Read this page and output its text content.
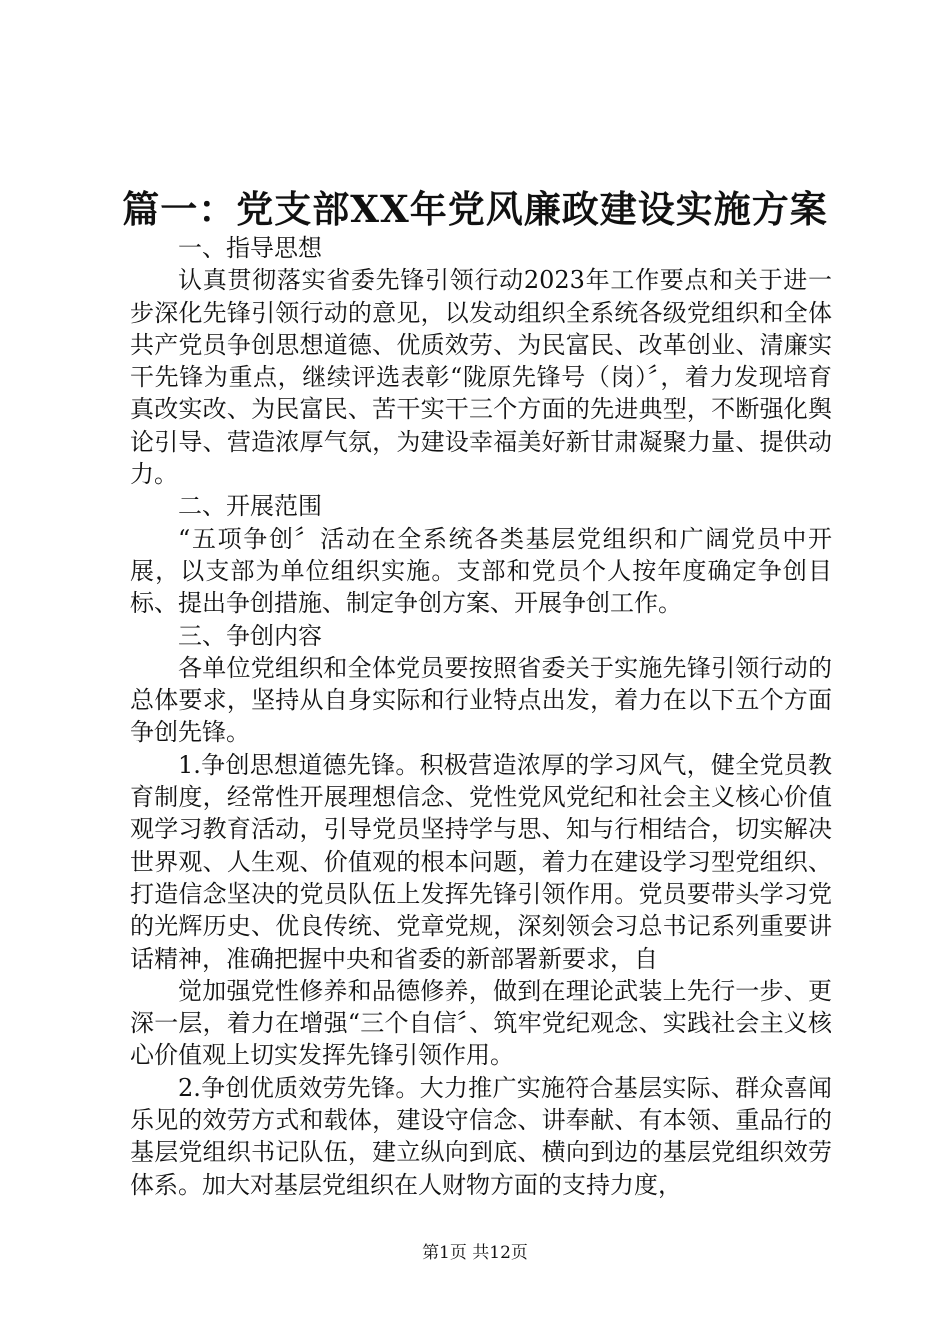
篇一：党支部XX年党风廉政建设实施方案

一、指导思想

认真贯彻落实省委先锋引领行动2023年工作要点和关于进一步深化先锋引领行动的意见，以发动组织全系统各级党组织和全体共产党员争创思想道德、优质效劳、为民富民、改革创业、清廉实干先锋为重点，继续评选表彰“陇原先锋号（岗）〞，着力发现培育真改实改、为民富民、苦干实干三个方面的先进典型，不断强化舆论引导、营造浓厚气氛，为建设幸福美好新甘肃凝聚力量、提供动力。

二、开展范围

“五项争创〞活动在全系统各类基层党组织和广阔党员中开展，以支部为单位组织实施。支部和党员个人按年度确定争创目标、提出争创措施、制定争创方案、开展争创工作。

三、争创内容

各单位党组织和全体党员要按照省委关于实施先锋引领行动的总体要求，坚持从自身实际和行业特点出发，着力在以下五个方面争创先锋。

1.争创思想道德先锋。积极营造浓厚的学习风气，健全党员教育制度，经常性开展理想信念、党性党风党纪和社会主义核心价值观学习教育活动，引导党员坚持学与思、知与行相结合，切实解决世界观、人生观、价值观的根本问题，着力在建设学习型党组织、打造信念坚决的党员队伍上发挥先锋引领作用。党员要带头学习党的光辉历史、优良传统、党章党规，深刻领会习总书记系列重要讲话精神，准确把握中央和省委的新部署新要求，自

觉加强党性修养和品德修养，做到在理论武装上先行一步、更深一层，着力在增强“三个自信〞、筑牢党纪观念、实践社会主义核心价值观上切实发挥先锋引领作用。

2.争创优质效劳先锋。大力推广实施符合基层实际、群众喜闻乐见的效劳方式和载体，建设守信念、讲奉献、有本领、重品行的基层党组织书记队伍，建立纵向到底、横向到边的基层党组织效劳体系。加大对基层党组织在人财物方面的支持力度，

第1页 共12页
